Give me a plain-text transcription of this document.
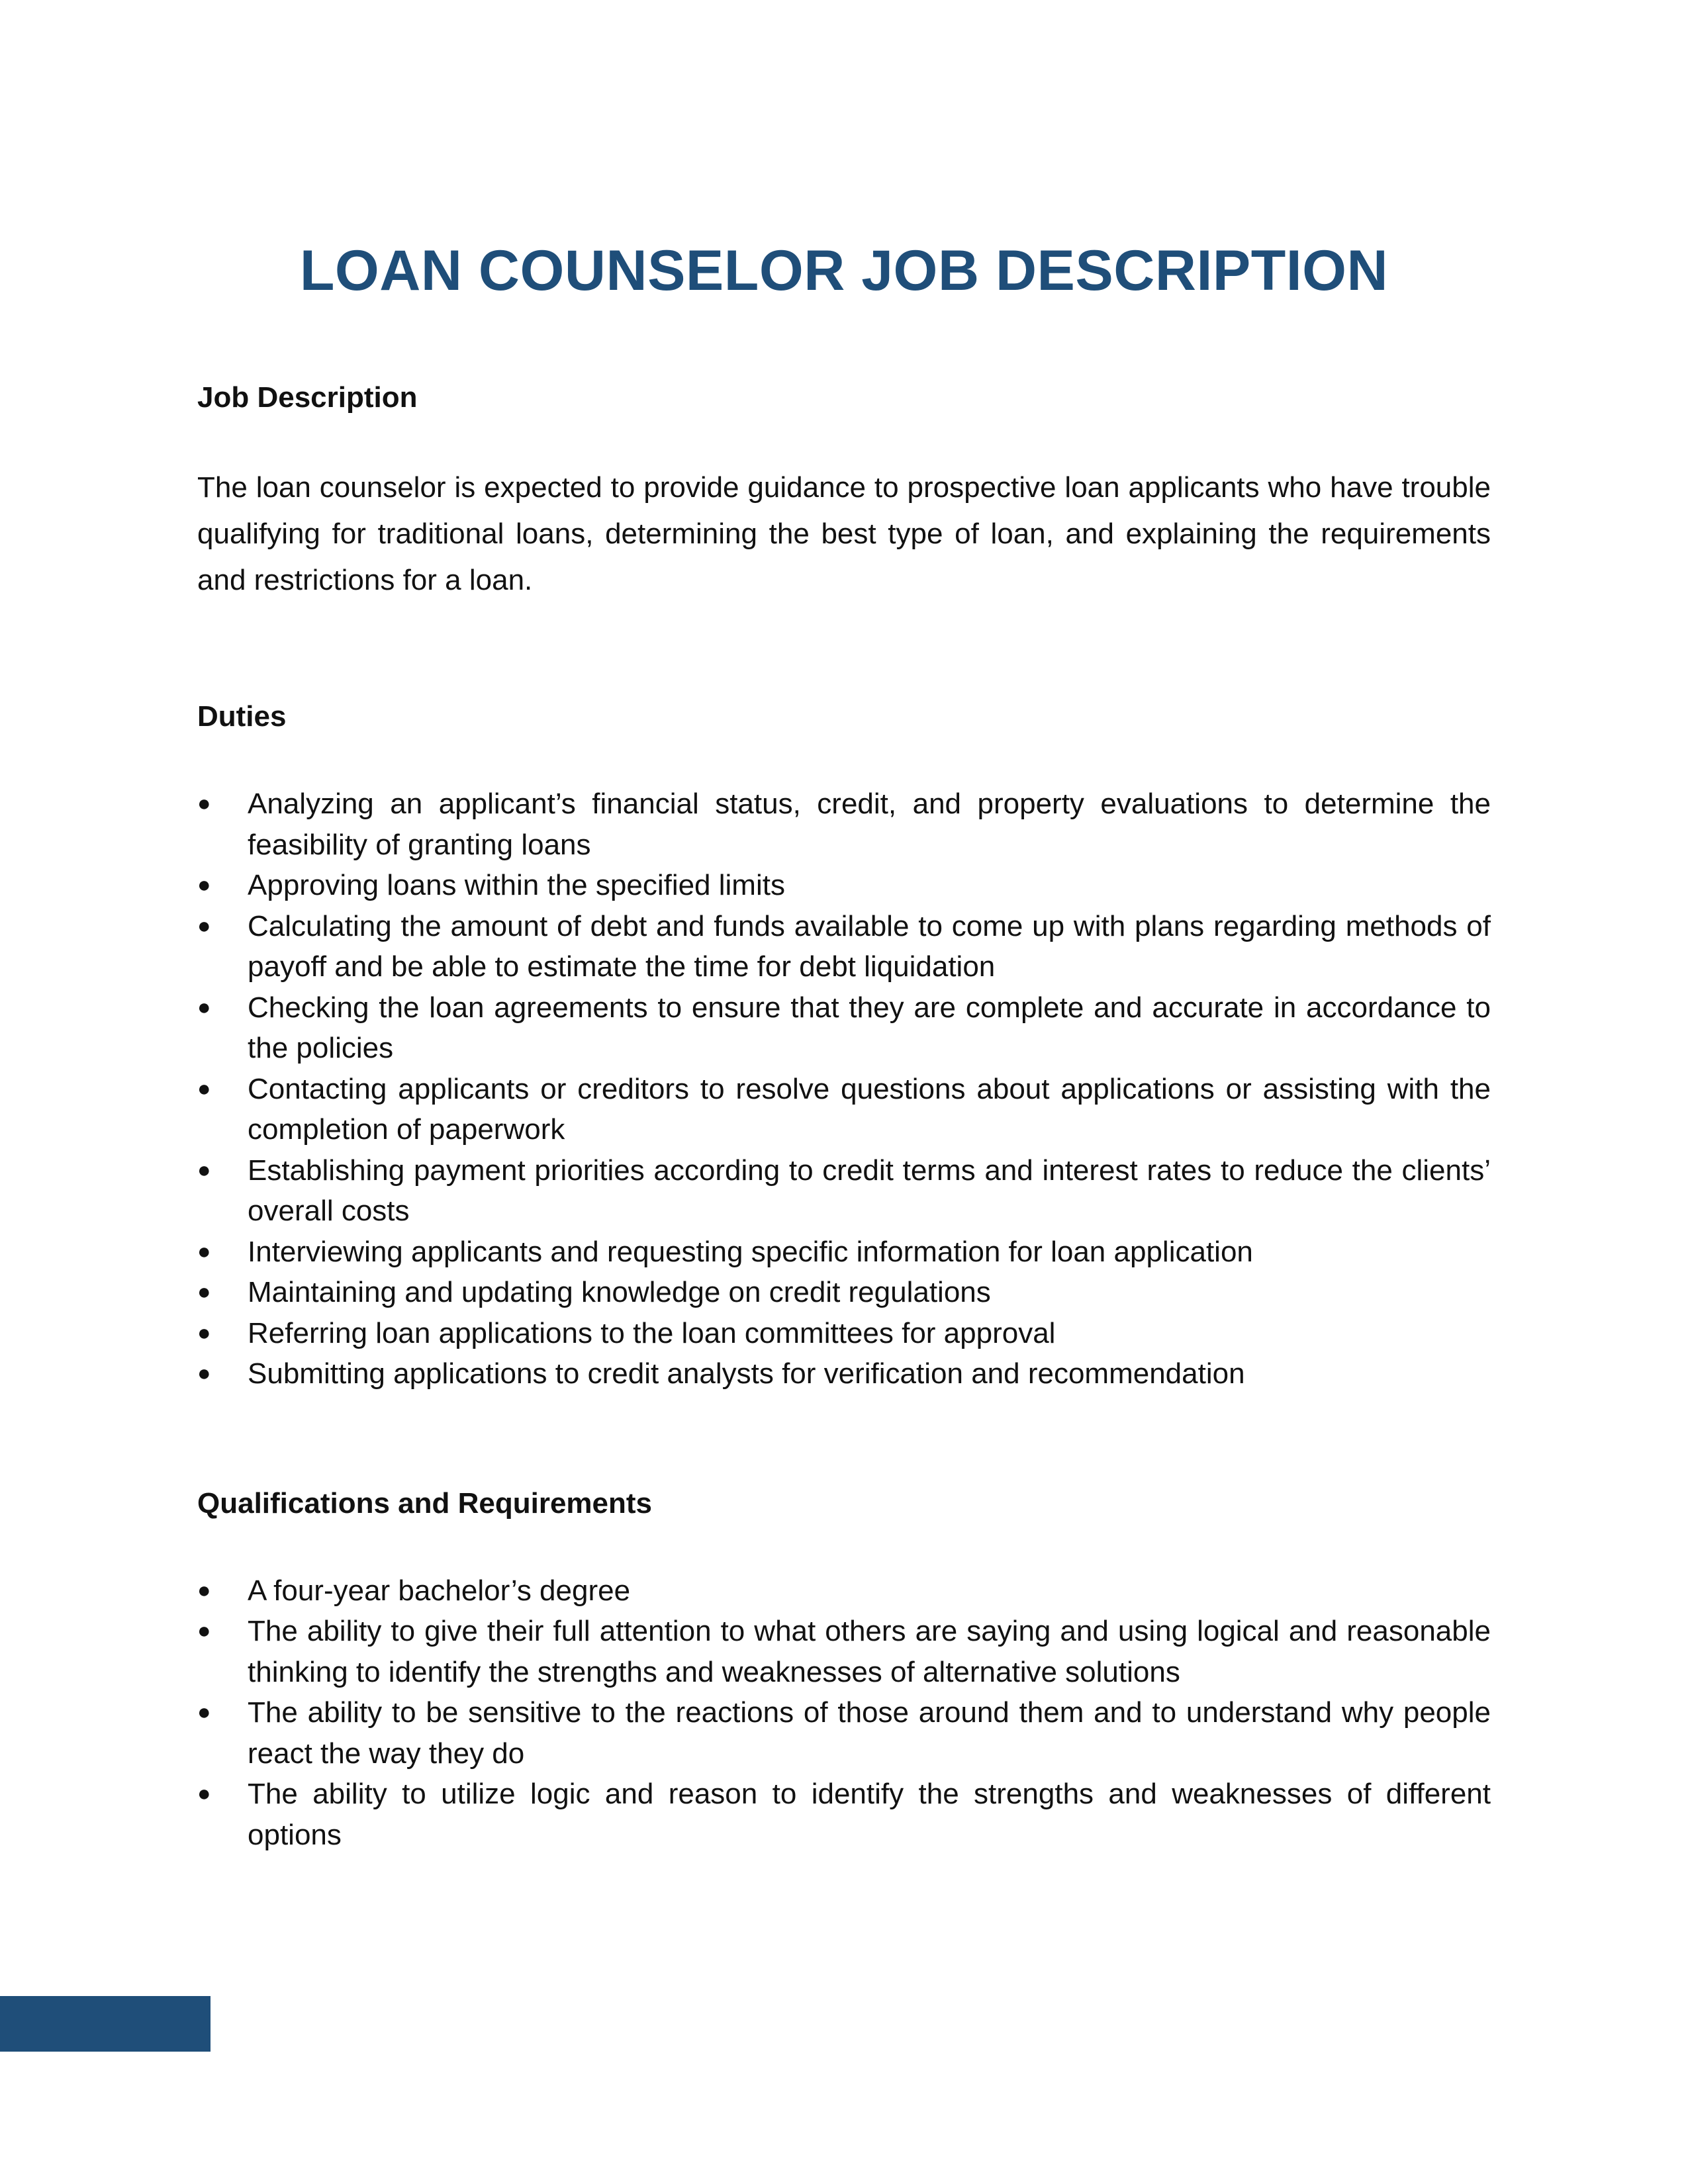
LOAN COUNSELOR JOB DESCRIPTION

Job Description

The loan counselor is expected to provide guidance to prospective loan applicants who have trouble qualifying for traditional loans, determining the best type of loan, and explaining the requirements and restrictions for a loan.

Duties

●	Analyzing an applicant’s financial status, credit, and property evaluations to determine the feasibility of granting loans
●	Approving loans within the specified limits
●	Calculating the amount of debt and funds available to come up with plans regarding methods of payoff and be able to estimate the time for debt liquidation
●	Checking the loan agreements to ensure that they are complete and accurate in accordance to the policies
●	Contacting applicants or creditors to resolve questions about applications or assisting with the completion of paperwork
●	Establishing payment priorities according to credit terms and interest rates to reduce the clients’ overall costs
●	Interviewing applicants and requesting specific information for loan application
●	Maintaining and updating knowledge on credit regulations
●	Referring loan applications to the loan committees for approval
●	Submitting applications to credit analysts for verification and recommendation

Qualifications and Requirements

●	A four-year bachelor’s degree
●	The ability to give their full attention to what others are saying and using logical and reasonable thinking to identify the strengths and weaknesses of alternative solutions
●	The ability to be sensitive to the reactions of those around them and to understand why people react the way they do
●	The ability to utilize logic and reason to identify the strengths and weaknesses of different options
